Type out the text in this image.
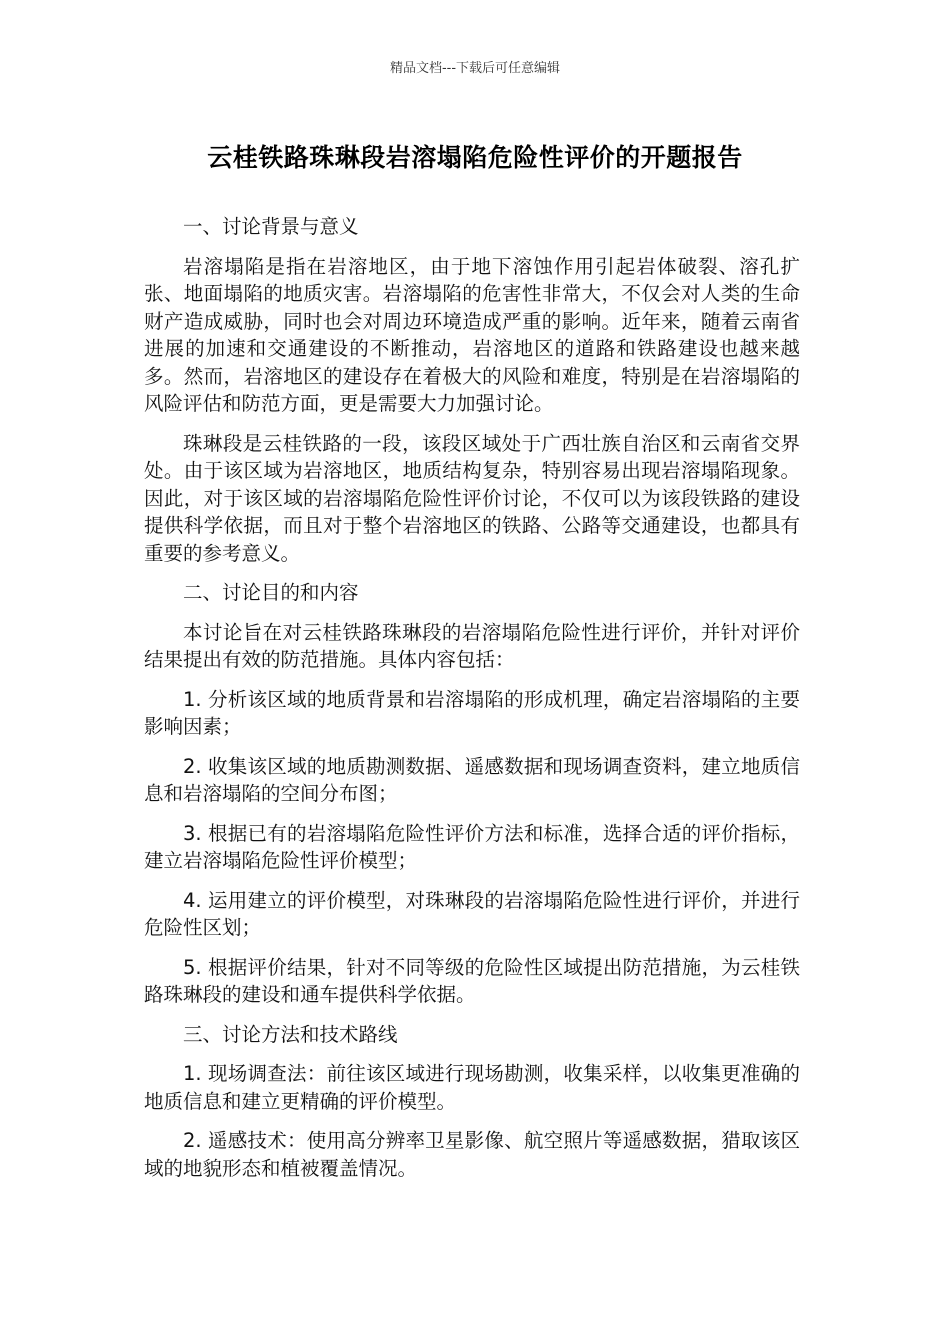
精品文档---下载后可任意编辑
云桂铁路珠琳段岩溶塌陷危险性评价的开题报告

一、讨论背景与意义

岩溶塌陷是指在岩溶地区，由于地下溶蚀作用引起岩体破裂、溶孔扩张、地面塌陷的地质灾害。岩溶塌陷的危害性非常大，不仅会对人类的生命财产造成威胁，同时也会对周边环境造成严重的影响。近年来，随着云南省进展的加速和交通建设的不断推动，岩溶地区的道路和铁路建设也越来越多。然而，岩溶地区的建设存在着极大的风险和难度，特别是在岩溶塌陷的风险评估和防范方面，更是需要大力加强讨论。

珠琳段是云桂铁路的一段，该段区域处于广西壮族自治区和云南省交界处。由于该区域为岩溶地区，地质结构复杂，特别容易出现岩溶塌陷现象。因此，对于该区域的岩溶塌陷危险性评价讨论，不仅可以为该段铁路的建设提供科学依据，而且对于整个岩溶地区的铁路、公路等交通建设，也都具有重要的参考意义。

二、讨论目的和内容

本讨论旨在对云桂铁路珠琳段的岩溶塌陷危险性进行评价，并针对评价结果提出有效的防范措施。具体内容包括：

1. 分析该区域的地质背景和岩溶塌陷的形成机理，确定岩溶塌陷的主要影响因素；

2. 收集该区域的地质勘测数据、遥感数据和现场调查资料，建立地质信息和岩溶塌陷的空间分布图；

3. 根据已有的岩溶塌陷危险性评价方法和标准，选择合适的评价指标，建立岩溶塌陷危险性评价模型；

4. 运用建立的评价模型，对珠琳段的岩溶塌陷危险性进行评价，并进行危险性区划；

5. 根据评价结果，针对不同等级的危险性区域提出防范措施，为云桂铁路珠琳段的建设和通车提供科学依据。

三、讨论方法和技术路线

1. 现场调查法：前往该区域进行现场勘测，收集采样，以收集更准确的地质信息和建立更精确的评价模型。

2. 遥感技术：使用高分辨率卫星影像、航空照片等遥感数据，猎取该区域的地貌形态和植被覆盖情况。
